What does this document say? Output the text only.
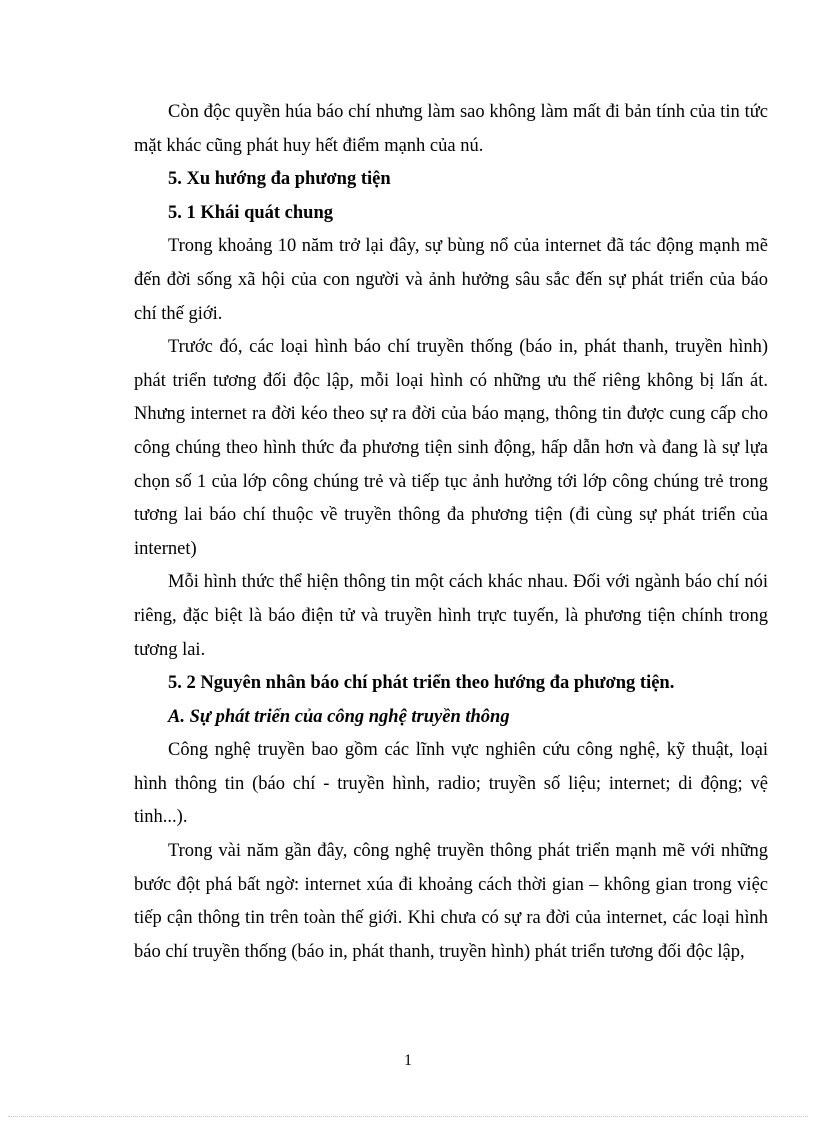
Còn độc quyền húa báo chí nhưng làm sao không làm mất đi bản tính của tin tức mặt khác cũng phát huy hết điểm mạnh của nú.

5. Xu hướng đa phương tiện

5. 1 Khái quát chung

Trong khoảng 10 năm trở lại đây, sự bùng nổ của internet đã tác động mạnh mẽ đến đời sống xã hội của con người và ảnh hưởng sâu sắc đến sự phát triển của báo chí thế giới.

Trước đó, các loại hình báo chí truyền thống (báo in, phát thanh, truyền hình) phát triển tương đối độc lập, mỗi loại hình có những ưu thế riêng không bị lấn át. Nhưng internet ra đời kéo theo sự ra đời của báo mạng, thông tin được cung cấp cho công chúng theo hình thức đa phương tiện sinh động, hấp dẫn hơn và đang là sự lựa chọn số 1 của lớp công chúng trẻ và tiếp tục ảnh hưởng tới lớp công chúng trẻ trong tương lai báo chí thuộc về truyền thông đa phương tiện (đi cùng sự phát triển của internet)

Mỗi hình thức thể hiện thông tin một cách khác nhau. Đối với ngành báo chí nói riêng, đặc biệt là báo điện tử và truyền hình trực tuyến, là phương tiện chính trong tương lai.

5. 2 Nguyên nhân báo chí phát triển theo hướng đa phương tiện.

A. Sự phát triển của công nghệ truyền thông

Công nghệ truyền bao gồm các lĩnh vực nghiên cứu công nghệ, kỹ thuật, loại hình thông tin (báo chí - truyền hình, radio; truyền số liệu; internet; di động; vệ tinh...).

Trong vài năm gần đây, công nghệ truyền thông phát triển mạnh mẽ với những bước đột phá bất ngờ: internet xúa đi khoảng cách thời gian – không gian trong việc tiếp cận thông tin trên toàn thế giới. Khi chưa có sự ra đời của internet, các loại hình báo chí truyền thống (báo in, phát thanh, truyền hình) phát triển tương đối độc lập,

1
